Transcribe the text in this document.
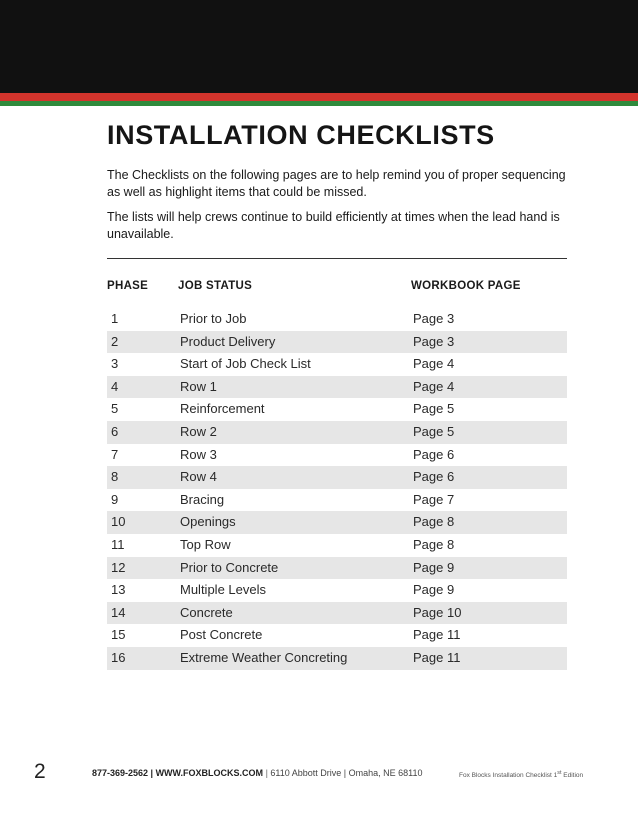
INSTALLATION CHECKLISTS

The Checklists on the following pages are to help remind you of proper sequencing as well as highlight items that could be missed.

The lists will help crews continue to build efficiently at times when the lead hand is unavailable.

PHASE	JOB STATUS	WORKBOOK PAGE
1	Prior to Job	Page 3
2	Product Delivery	Page 3
3	Start of Job Check List	Page 4
4	Row 1	Page 4
5	Reinforcement	Page 5
6	Row 2	Page 5
7	Row 3	Page 6
8	Row 4	Page 6
9	Bracing	Page 7
10	Openings	Page 8
11	Top Row	Page 8
12	Prior to Concrete	Page 9
13	Multiple Levels	Page 9
14	Concrete	Page 10
15	Post Concrete	Page 11
16	Extreme Weather Concreting	Page 11
2	877-369-2562 | WWW.FOXBLOCKS.COM | 6110 Abbott Drive | Omaha, NE 68110	Fox Blocks Installation Checklist 1st Edition
